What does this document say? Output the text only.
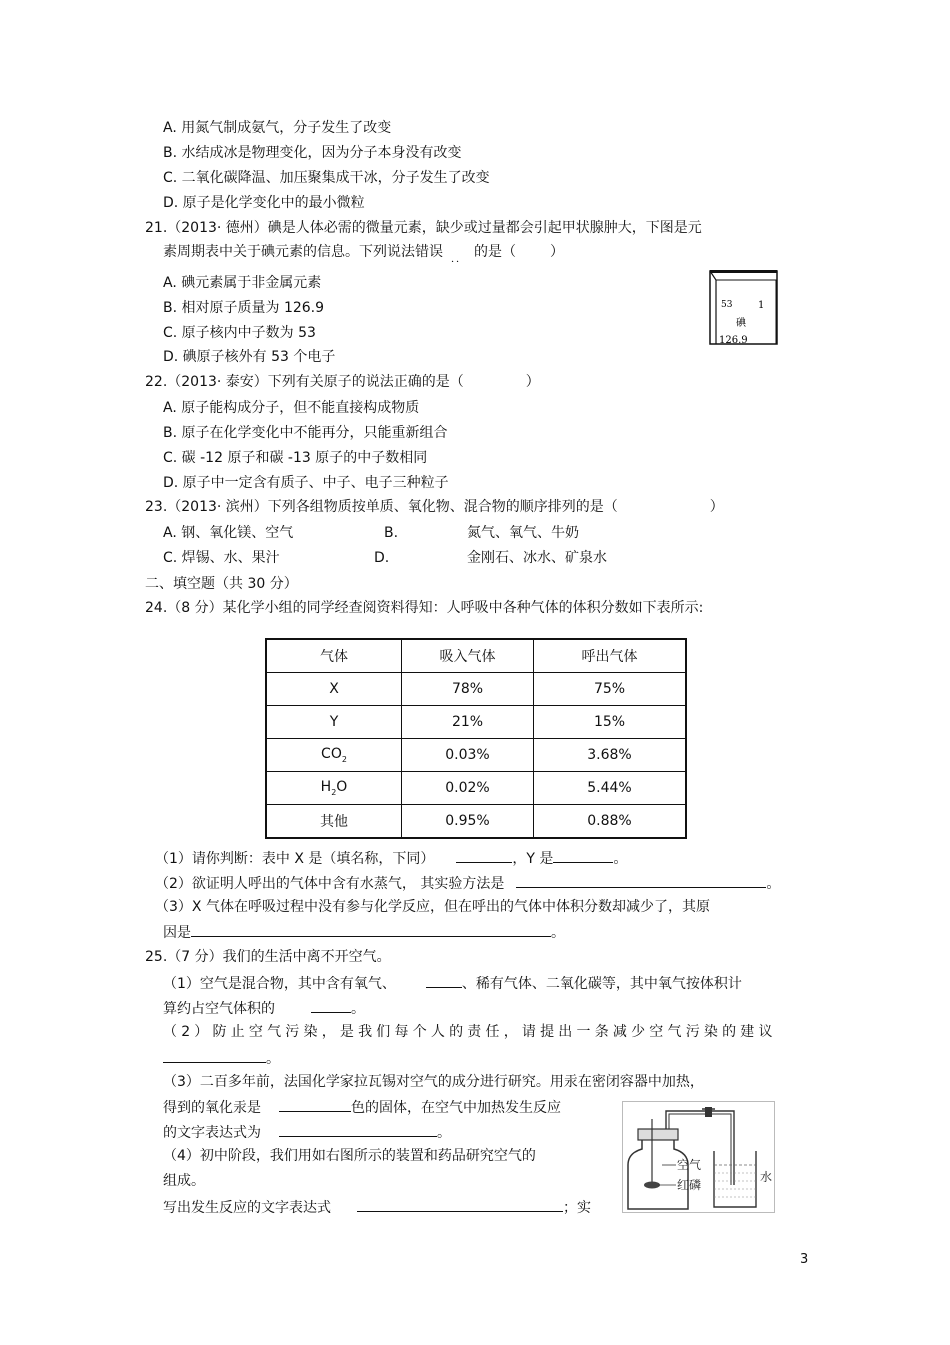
A. 用氮气制成氨气，分子发生了改变
B. 水结成冰是物理变化，因为分子本身没有改变
C. 二氧化碳降温、加压聚集成干冰，分子发生了改变
D. 原子是化学变化中的最小微粒
21.（2013· 德州）碘是人体必需的微量元素，缺少或过量都会引起甲状腺肿大，下图是元
素周期表中关于碘元素的信息。下列说法错误 $_{..}$ 的是（ ）
A. 碘元素属于非金属元素
B. 相对原子质量为 126.9
C. 原子核内中子数为 53
D. 碘原子核外有 53 个电子
53	1
碘
126.9
22.（2013· 泰安）下列有关原子的说法正确的是（	）
A. 原子能构成分子，但不能直接构成物质
B. 原子在化学变化中不能再分，只能重新组合
C. 碳 -12 原子和碳 -13 原子的中子数相同
D. 原子中一定含有质子、中子、电子三种粒子
23.（2013· 滨州）下列各组物质按单质、氧化物、混合物的顺序排列的是（	）
A. 钢、氧化镁、空气	B.	氮气、氧气、牛奶
C. 焊锡、水、果汁	D.	金刚石、冰水、矿泉水
二、填空题（共 30 分）
24.（8 分）某化学小组的同学经查阅资料得知：人呼吸中各种气体的体积分数如下表所示:
气体	吸入气体	呼出气体
X	78%	75%
Y	21%	15%
$CO_2$	0.03%	3.68%
$H_2O$	0.02%	5.44%
其他	0.95%	0.88%
（1）请你判断：表中 X 是（填名称，下同）	，Y 是	。
（2）欲证明人呼出的气体中含有水蒸气， 其实验方法是	。
（3）X 气体在呼吸过程中没有参与化学反应，但在呼出的气体中体积分数却减少了，其原
因是	。
25.（7 分）我们的生活中离不开空气。
（1）空气是混合物，其中含有氧气、	、稀有气体、二氧化碳等，其中氧气按体积计
算约占空气体积的	。
（2）防止空气污染，是我们每个人的责任，请提出一条减少空气污染的建议
。
（3）二百多年前，法国化学家拉瓦锡对空气的成分进行研究。用汞在密闭容器中加热，
得到的氧化汞是	色的固体，在空气中加热发生反应
的文字表达式为	。
（4）初中阶段，我们用如右图所示的装置和药品研究空气的
组成。
写出发生反应的文字表达式	；实
空气
红磷
水
3
